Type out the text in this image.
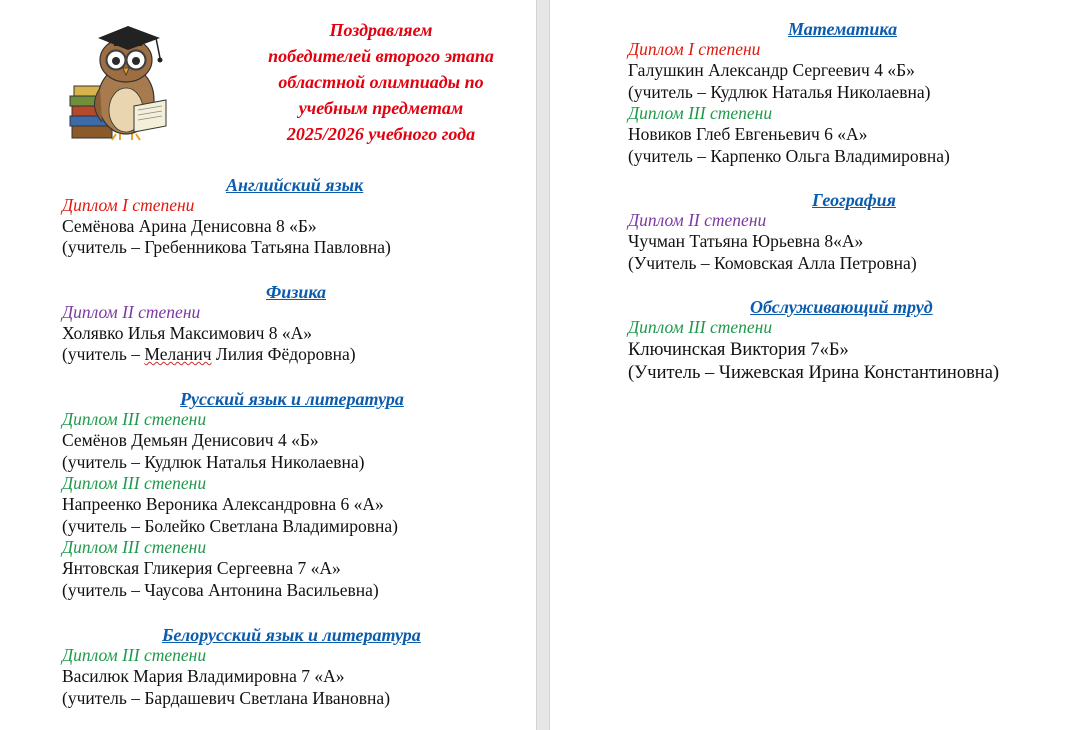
Поздравляем
победителей второго этапа
областной олимпиады по
учебным предметам
2025/2026 учебного года
Английский язык
Диплом I степени
Семёнова Арина Денисовна 8 «Б»
(учитель – Гребенникова Татьяна Павловна)
Физика
Диплом II степени
Холявко Илья Максимович 8 «А»
(учитель – Меланич Лилия Фёдоровна)
Русский язык и литература
Диплом III степени
Семёнов Демьян Денисович 4 «Б»
(учитель – Кудлюк Наталья Николаевна)
Диплом III степени
Напреенко Вероника Александровна 6 «А»
(учитель – Болейко Светлана Владимировна)
Диплом III степени
Янтовская Гликерия Сергеевна 7 «А»
(учитель – Чаусова Антонина Васильевна)
Белорусский язык и литература
Диплом III степени
Василюк Мария Владимировна 7 «А»
(учитель – Бардашевич Светлана Ивановна)
Математика
Диплом I степени
Галушкин Александр Сергеевич 4 «Б»
(учитель – Кудлюк Наталья Николаевна)
Диплом III степени
Новиков Глеб Евгеньевич 6 «А»
(учитель – Карпенко Ольга Владимировна)
География
Диплом II степени
Чучман Татьяна Юрьевна 8«А»
(Учитель – Комовская Алла Петровна)
Обслуживающий труд
Диплом III степени
Ключинская Виктория 7«Б»
(Учитель – Чижевская Ирина Константиновна)
